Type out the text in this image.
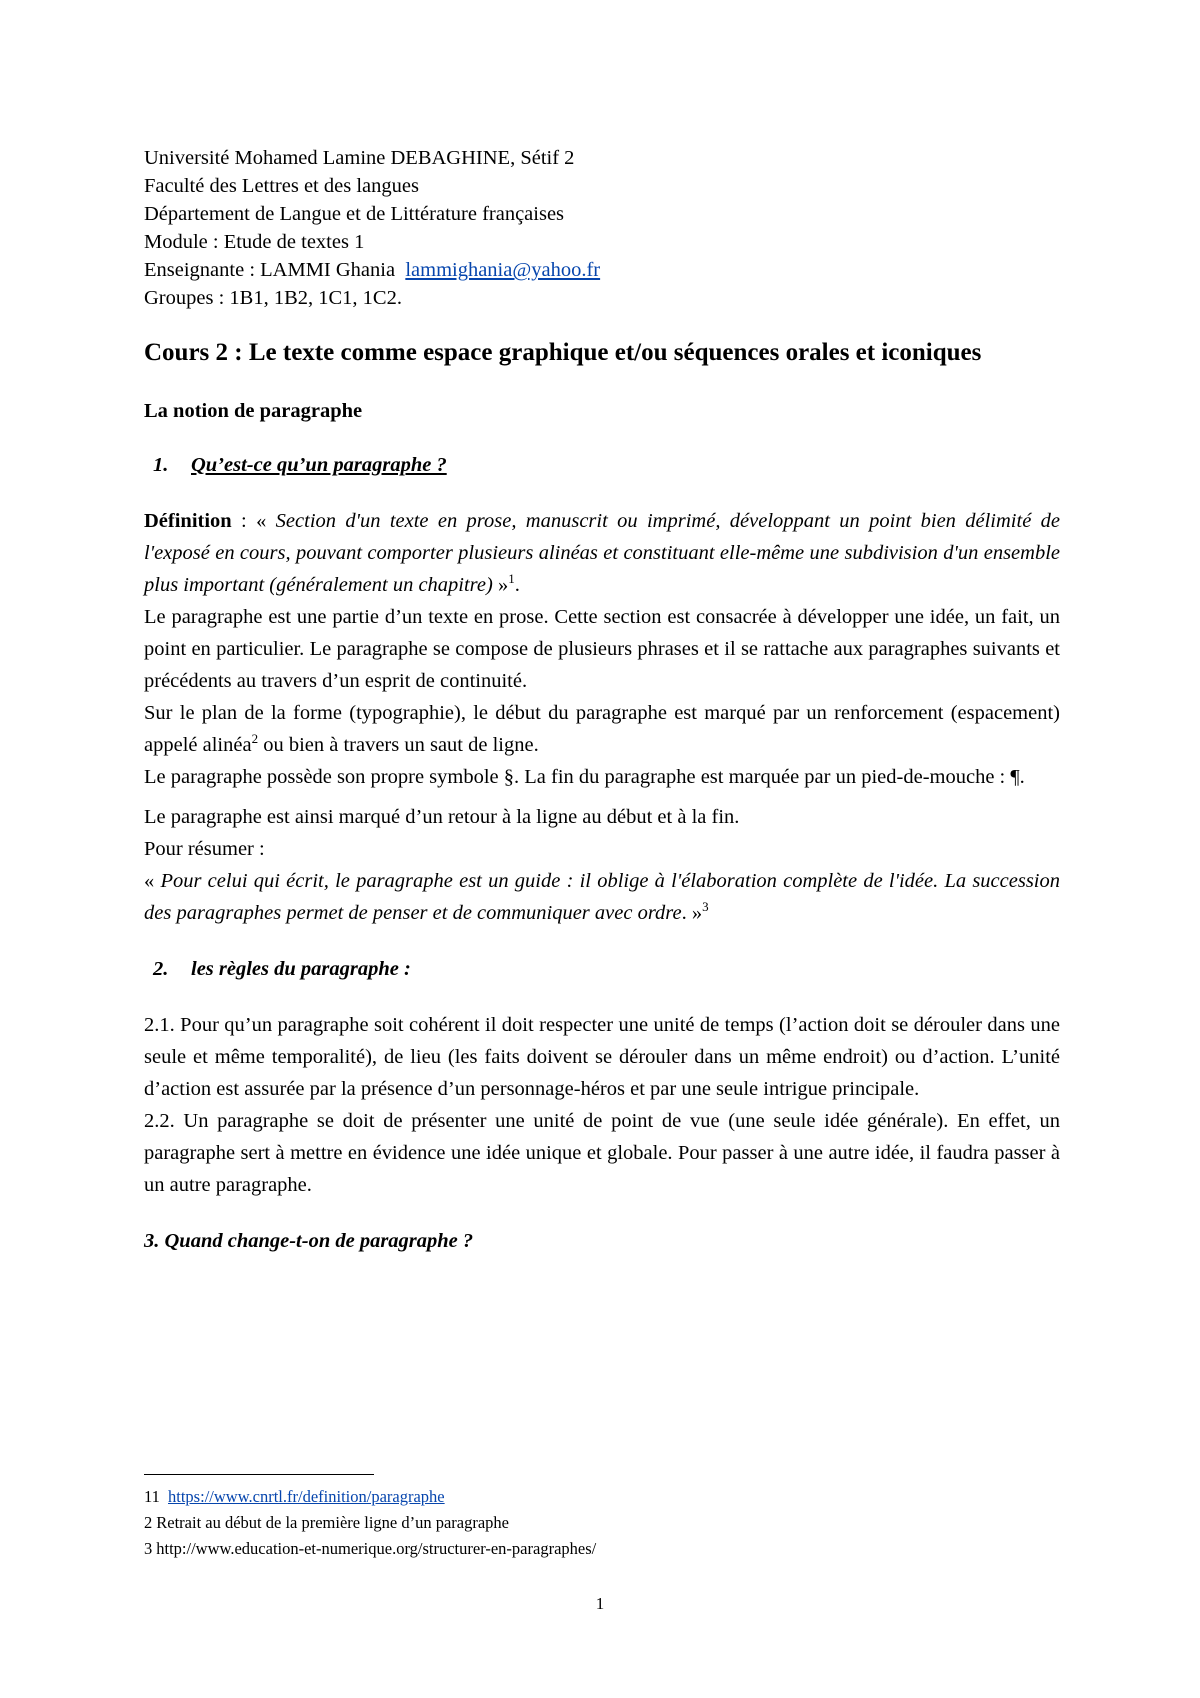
Université Mohamed Lamine DEBAGHINE, Sétif 2
Faculté des Lettres et des langues
Département de Langue et de Littérature françaises
Module : Etude de textes 1
Enseignante : LAMMI Ghania lammighania@yahoo.fr
Groupes : 1B1, 1B2, 1C1, 1C2.
Cours 2 : Le texte comme espace graphique et/ou séquences orales et iconiques
La notion de paragraphe
1. Qu’est-ce qu’un paragraphe ?
Définition : « Section d'un texte en prose, manuscrit ou imprimé, développant un point bien délimité de l'exposé en cours, pouvant comporter plusieurs alinéas et constituant elle-même une subdivision d'un ensemble plus important (généralement un chapitre) »$^1$.
Le paragraphe est une partie d’un texte en prose. Cette section est consacrée à développer une idée, un fait, un point en particulier. Le paragraphe se compose de plusieurs phrases et il se rattache aux paragraphes suivants et précédents au travers d’un esprit de continuité.
Sur le plan de la forme (typographie), le début du paragraphe est marqué par un renforcement (espacement) appelé alinéa$^2$ ou bien à travers un saut de ligne.
Le paragraphe possède son propre symbole §. La fin du paragraphe est marquée par un pied-de-mouche : ¶.
Le paragraphe est ainsi marqué d’un retour à la ligne au début et à la fin.
Pour résumer :
« Pour celui qui écrit, le paragraphe est un guide : il oblige à l'élaboration complète de l'idée. La succession des paragraphes permet de penser et de communiquer avec ordre. »$^3$
2. les règles du paragraphe :
2.1. Pour qu’un paragraphe soit cohérent il doit respecter une unité de temps (l’action doit se dérouler dans une seule et même temporalité), de lieu (les faits doivent se dérouler dans un même endroit) ou d’action. L’unité d’action est assurée par la présence d’un personnage-héros et par une seule intrigue principale.
2.2. Un paragraphe se doit de présenter une unité de point de vue (une seule idée générale). En effet, un paragraphe sert à mettre en évidence une idée unique et globale. Pour passer à une autre idée, il faudra passer à un autre paragraphe.
3. Quand change-t-on de paragraphe ?
11 https://www.cnrtl.fr/definition/paragraphe
2 Retrait au début de la première ligne d’un paragraphe
3 http://www.education-et-numerique.org/structurer-en-paragraphes/
1
